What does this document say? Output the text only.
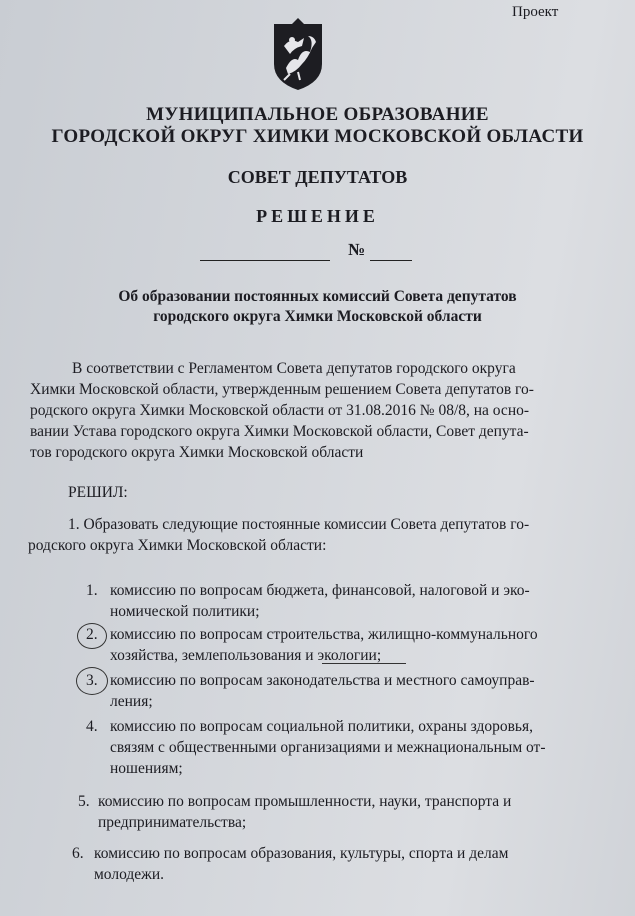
Проект
МУНИЦИПАЛЬНОЕ ОБРАЗОВАНИЕ
ГОРОДСКОЙ ОКРУГ ХИМКИ МОСКОВСКОЙ ОБЛАСТИ
СОВЕТ ДЕПУТАТОВ
РЕШЕНИЕ
№
Об образовании постоянных комиссий Совета депутатов
городского округа Химки Московской области
В соответствии с Регламентом Совета депутатов городского округа
Химки Московской области, утвержденным решением Совета депутатов го-
родского округа Химки Московской области от 31.08.2016 № 08/8, на осно-
вании Устава городского округа Химки Московской области, Совет депута-
тов городского округа Химки Московской области
РЕШИЛ:
1. Образовать следующие постоянные комиссии Совета депутатов го-
родского округа Химки Московской области:
1. комиссию по вопросам бюджета, финансовой, налоговой и эко-
номической политики;
2. комиссию по вопросам строительства, жилищно-коммунального
хозяйства, землепользования и экологии;
3. комиссию по вопросам законодательства и местного самоуправ-
ления;
4. комиссию по вопросам социальной политики, охраны здоровья,
связям с общественными организациями и межнациональным от-
ношениям;
5. комиссию по вопросам промышленности, науки, транспорта и
предпринимательства;
6. комиссию по вопросам образования, культуры, спорта и делам
молодежи.
